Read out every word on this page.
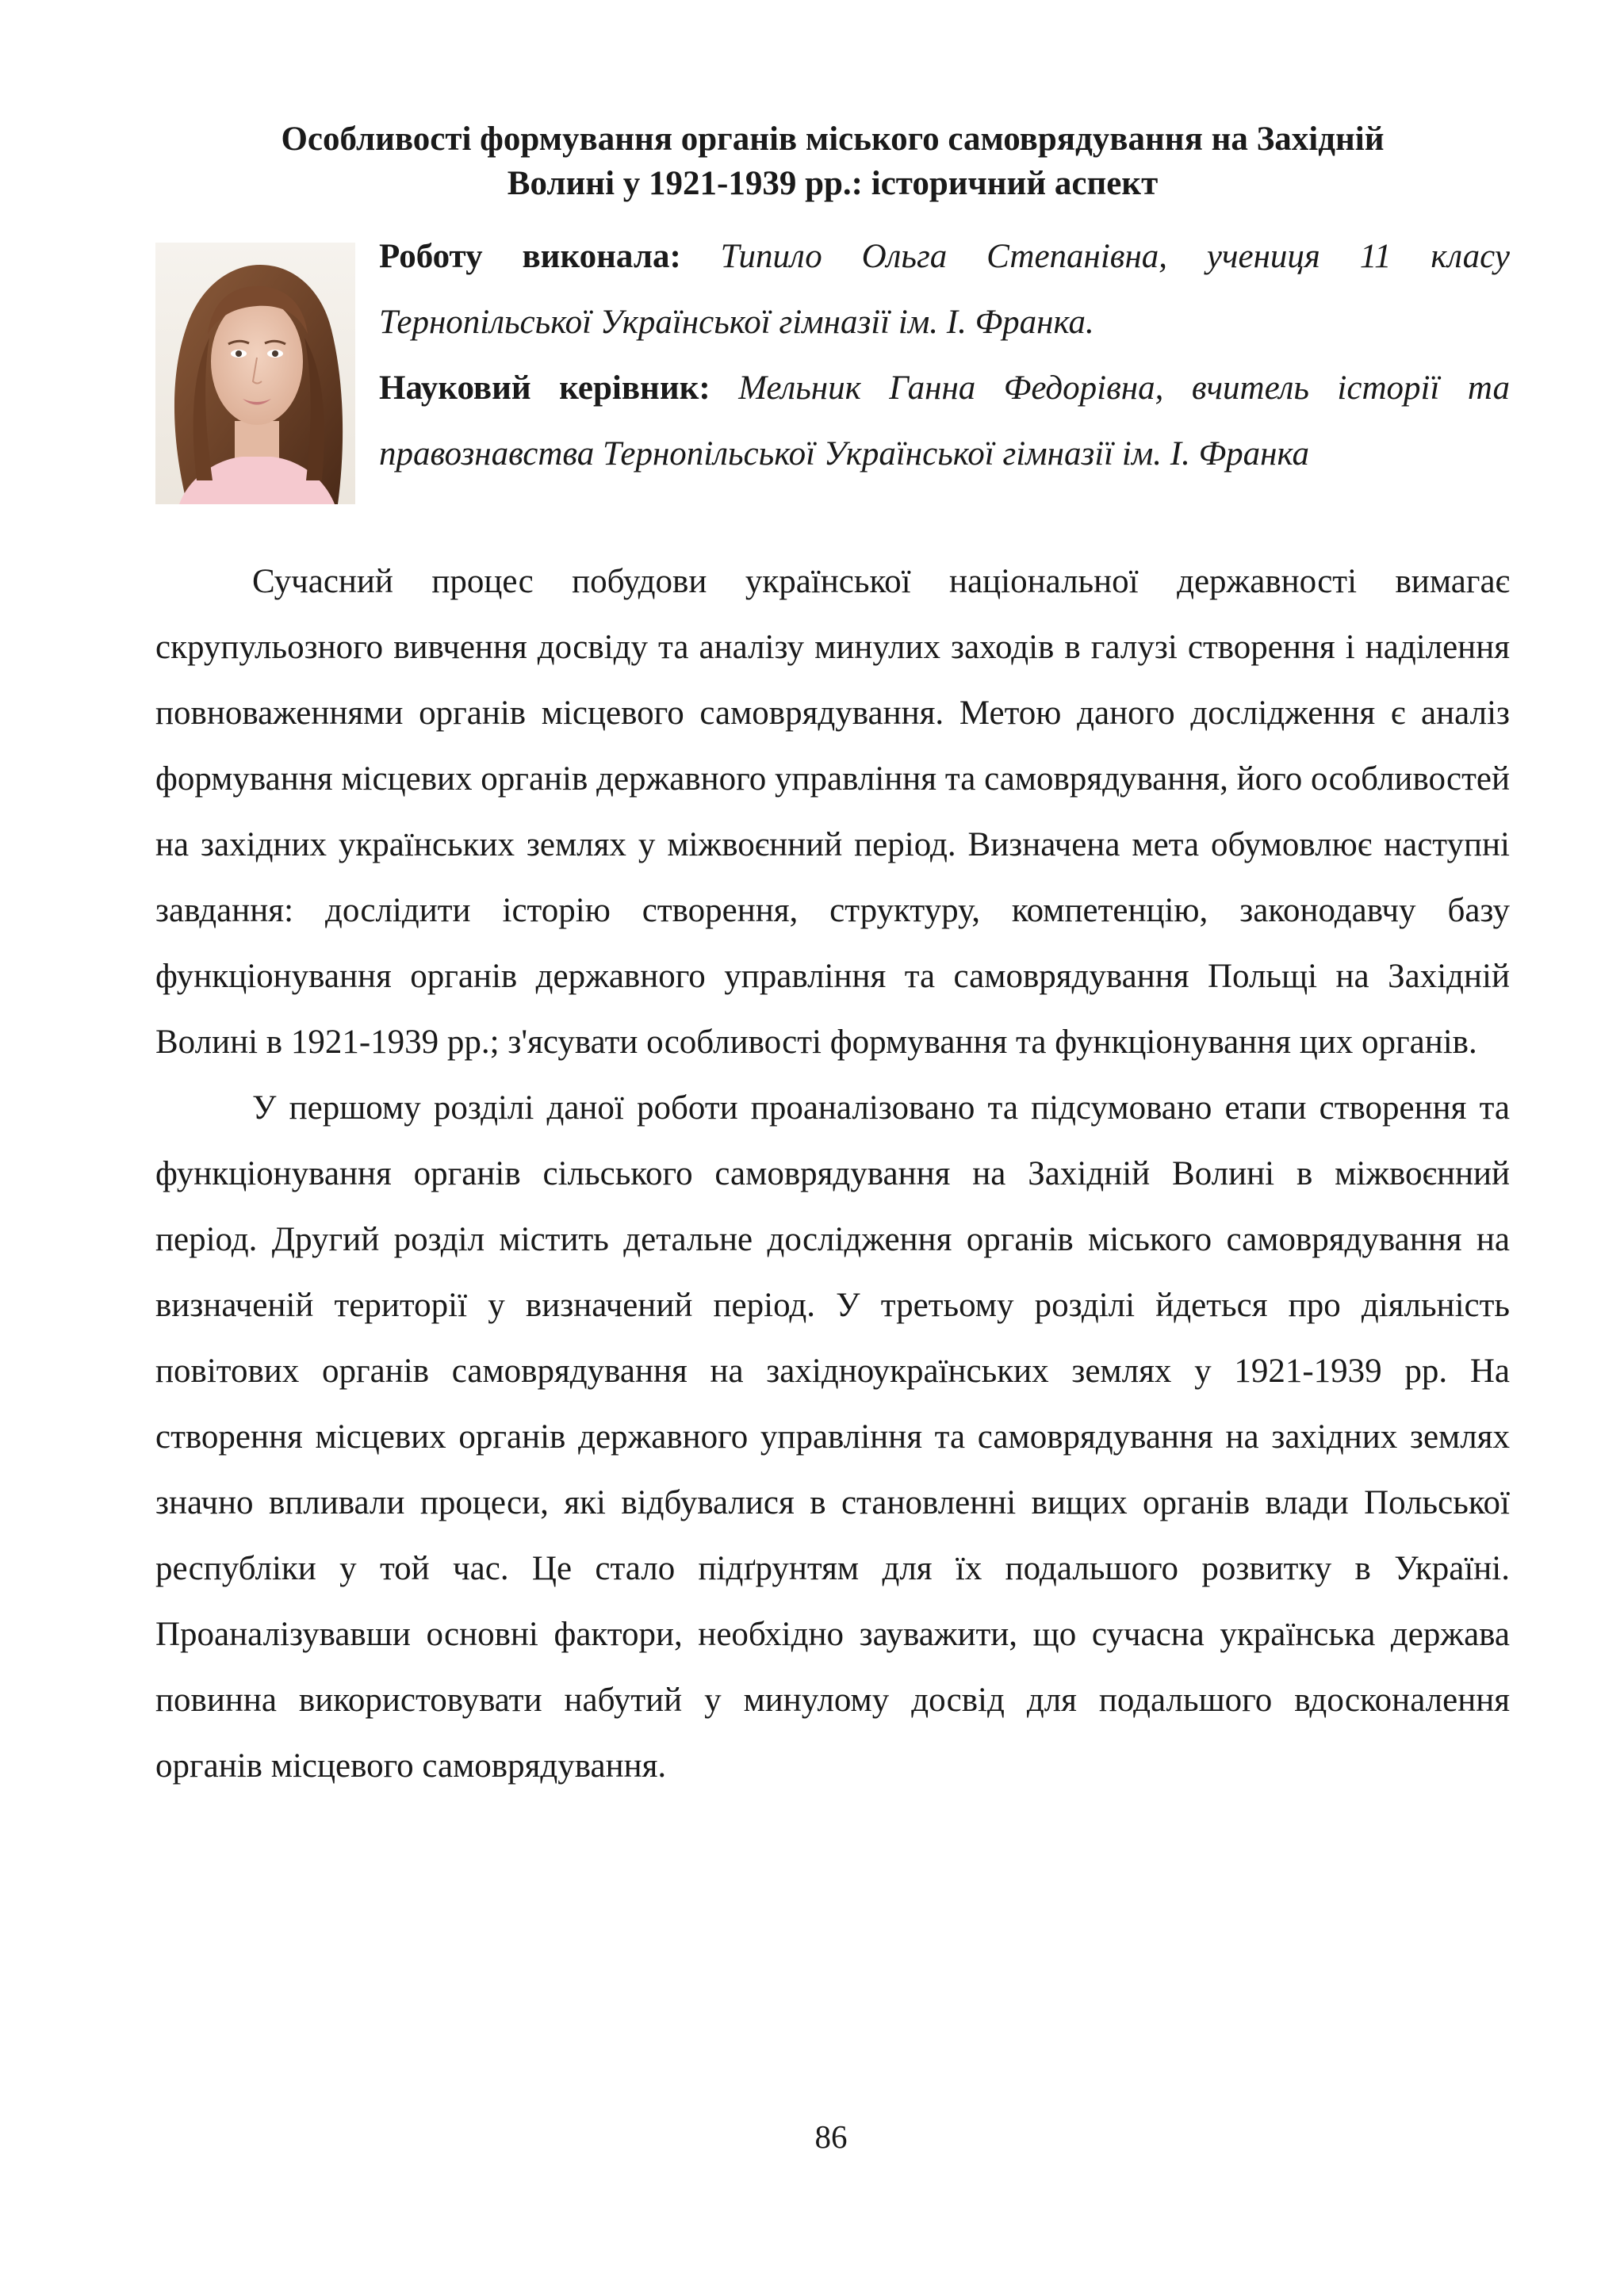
Особливості формування органів міського самоврядування на Західній
Волині у 1921-1939 рр.: історичний аспект

Роботу виконала: Типило Ольга Степанівна, учениця 11 класу Тернопільської Української гімназії ім. І. Франка.

Науковий керівник: Мельник Ганна Федорівна, вчитель історії та правознавства Тернопільської Української гімназії ім. І. Франка

Сучасний процес побудови української національної державності вимагає скрупульозного вивчення досвіду та аналізу минулих заходів в галузі створення і наділення повноваженнями органів місцевого самоврядування. Метою даного дослідження є аналіз формування місцевих органів державного управління та самоврядування, його особливостей на західних українських землях у міжвоєнний період. Визначена мета обумовлює наступні завдання: дослідити історію створення, структуру, компетенцію, законодавчу базу функціонування органів державного управління та самоврядування Польщі на Західній Волині в 1921-1939 рр.; з'ясувати особливості формування та функціонування цих органів.

У першому розділі даної роботи проаналізовано та підсумовано етапи створення та функціонування органів сільського самоврядування на Західній Волині в міжвоєнний період. Другий розділ містить детальне дослідження органів міського самоврядування на визначеній території у визначений період. У третьому розділі йдеться про діяльність повітових органів самоврядування на західноукраїнських землях у 1921-1939 рр. На створення місцевих органів державного управління та самоврядування на західних землях значно впливали процеси, які відбувалися в становленні вищих органів влади Польської республіки у той час. Це стало підґрунтям для їх подальшого розвитку в Україні. Проаналізувавши основні фактори, необхідно зауважити, що сучасна українська держава повинна використовувати набутий у минулому досвід для подальшого вдосконалення органів місцевого самоврядування.

86
